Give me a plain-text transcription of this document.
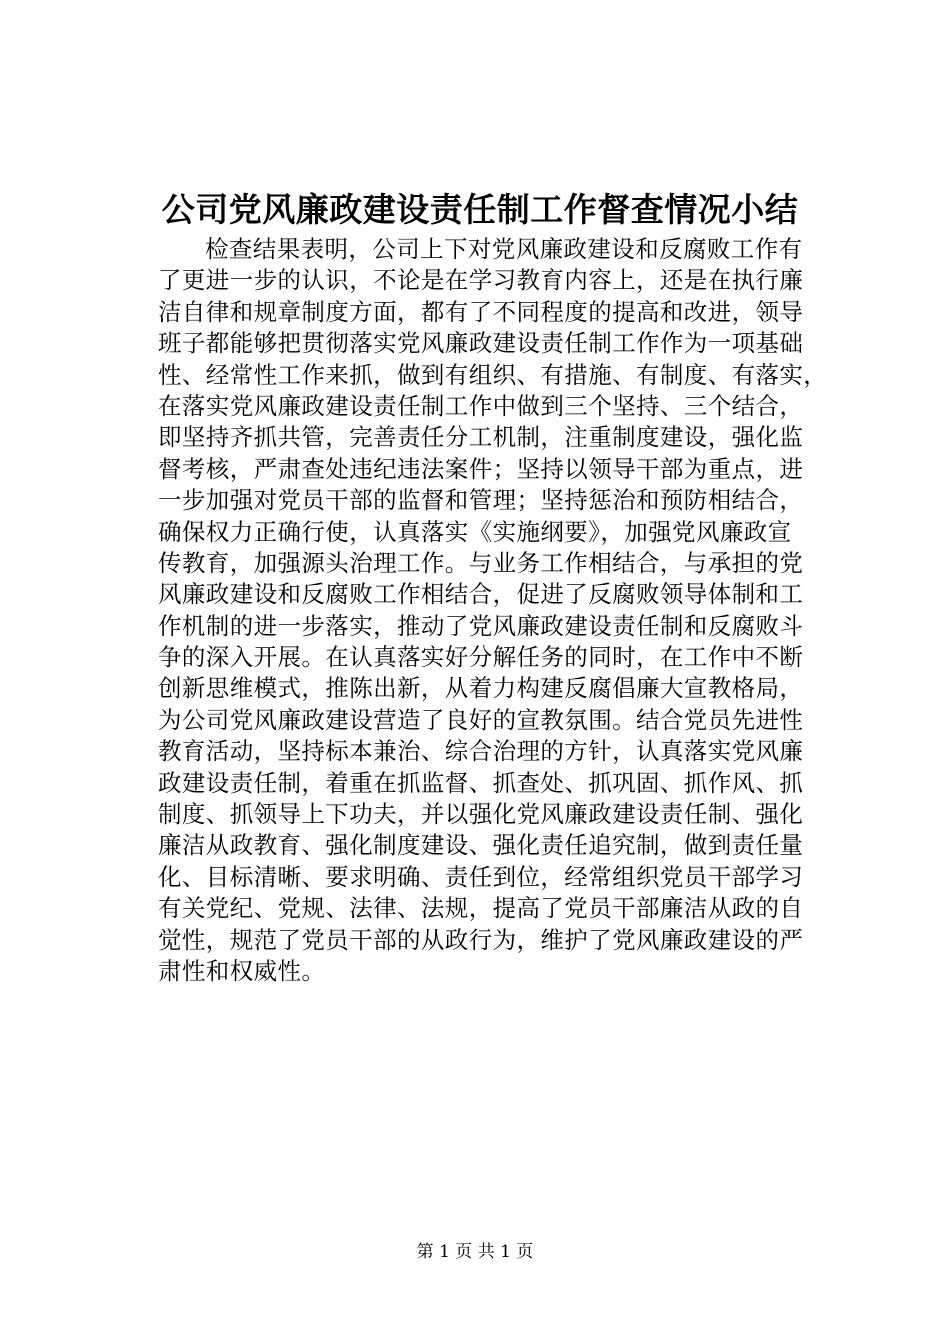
公司党风廉政建设责任制工作督查情况小结
检查结果表明，公司上下对党风廉政建设和反腐败工作有
了更进一步的认识，不论是在学习教育内容上，还是在执行廉
洁自律和规章制度方面，都有了不同程度的提高和改进，领导
班子都能够把贯彻落实党风廉政建设责任制工作作为一项基础
性、经常性工作来抓，做到有组织、有措施、有制度、有落实，
在落实党风廉政建设责任制工作中做到三个坚持、三个结合，
即坚持齐抓共管，完善责任分工机制，注重制度建设，强化监
督考核，严肃查处违纪违法案件；坚持以领导干部为重点，进
一步加强对党员干部的监督和管理；坚持惩治和预防相结合，
确保权力正确行使，认真落实《实施纲要》，加强党风廉政宣
传教育，加强源头治理工作。与业务工作相结合，与承担的党
风廉政建设和反腐败工作相结合，促进了反腐败领导体制和工
作机制的进一步落实，推动了党风廉政建设责任制和反腐败斗
争的深入开展。在认真落实好分解任务的同时，在工作中不断
创新思维模式，推陈出新，从着力构建反腐倡廉大宣教格局，
为公司党风廉政建设营造了良好的宣教氛围。结合党员先进性
教育活动，坚持标本兼治、综合治理的方针，认真落实党风廉
政建设责任制，着重在抓监督、抓查处、抓巩固、抓作风、抓
制度、抓领导上下功夫，并以强化党风廉政建设责任制、强化
廉洁从政教育、强化制度建设、强化责任追究制，做到责任量
化、目标清晰、要求明确、责任到位，经常组织党员干部学习
有关党纪、党规、法律、法规，提高了党员干部廉洁从政的自
觉性，规范了党员干部的从政行为，维护了党风廉政建设的严
肃性和权威性。
第 1 页 共 1 页
